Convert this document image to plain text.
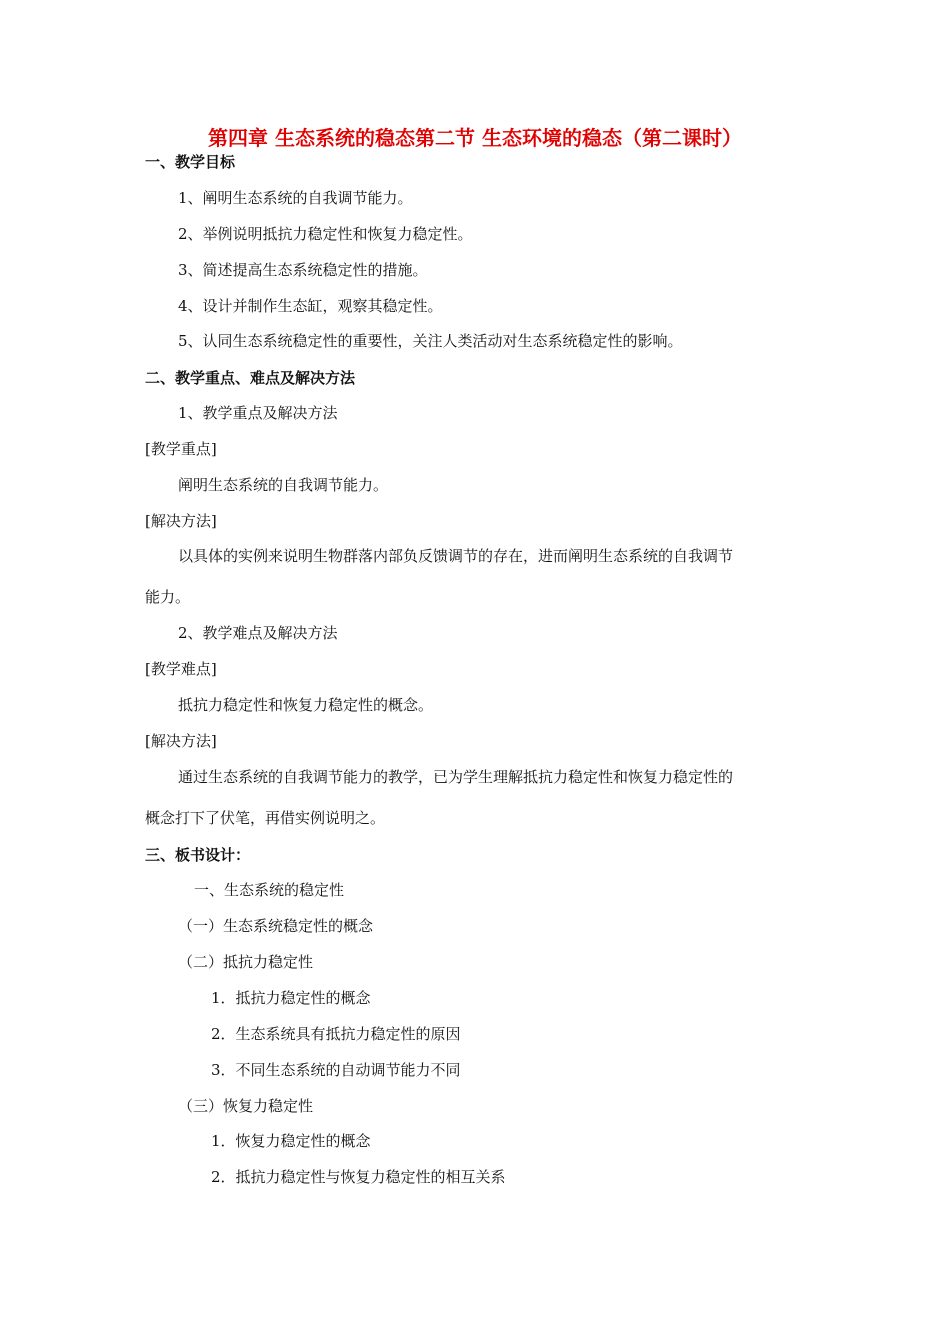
第四章 生态系统的稳态第二节 生态环境的稳态（第二课时）
一、教学目标
1、阐明生态系统的自我调节能力。
2、举例说明抵抗力稳定性和恢复力稳定性。
3、简述提高生态系统稳定性的措施。
4、设计并制作生态缸，观察其稳定性。
5、认同生态系统稳定性的重要性，关注人类活动对生态系统稳定性的影响。
二、教学重点、难点及解决方法
1、教学重点及解决方法
[教学重点]
阐明生态系统的自我调节能力。
[解决方法]
以具体的实例来说明生物群落内部负反馈调节的存在，进而阐明生态系统的自我调节
能力。
2、教学难点及解决方法
[教学难点]
抵抗力稳定性和恢复力稳定性的概念。
[解决方法]
通过生态系统的自我调节能力的教学，已为学生理解抵抗力稳定性和恢复力稳定性的
概念打下了伏笔，再借实例说明之。
三、板书设计：
一、生态系统的稳定性
（一）生态系统稳定性的概念
（二）抵抗力稳定性
1．抵抗力稳定性的概念
2．生态系统具有抵抗力稳定性的原因
3．不同生态系统的自动调节能力不同
（三）恢复力稳定性
1．恢复力稳定性的概念
2．抵抗力稳定性与恢复力稳定性的相互关系
